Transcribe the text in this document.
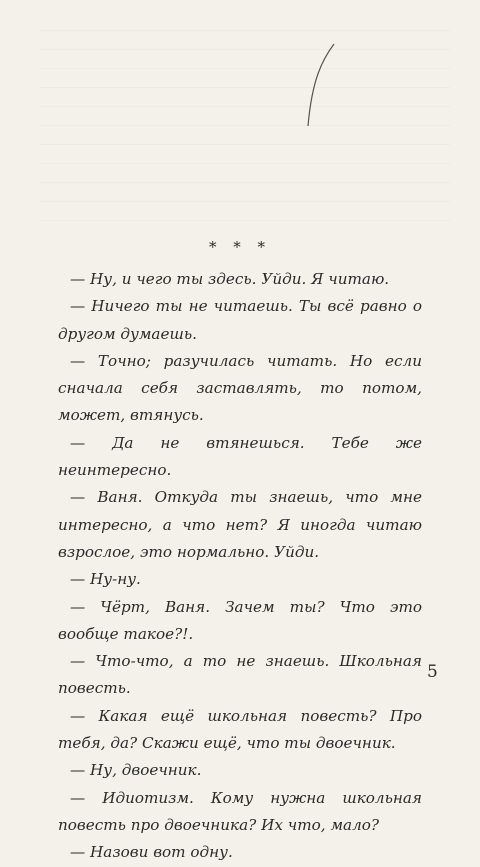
* * *

— Ну, и чего ты здесь. Уйди. Я читаю.

— Ничего ты не читаешь. Ты всё равно о другом думаешь.

— Точно; разучилась читать. Но если сначала себя заставлять, то потом, может, втянусь.

— Да не втянешься. Тебе же неинтересно.

— Ваня. Откуда ты знаешь, что мне интересно, а что нет? Я иногда читаю взрослое, это нормально. Уйди.

— Ну-ну.

— Чёрт, Ваня. Зачем ты? Что это вообще такое?!.

— Что-что, а то не знаешь. Школьная повесть.

— Какая ещё школьная повесть? Про тебя, да? Скажи ещё, что ты двоечник.

— Ну, двоечник.

— Идиотизм. Кому нужна школьная повесть про двоечника? Их что, мало?

— Назови вот одну.

5
